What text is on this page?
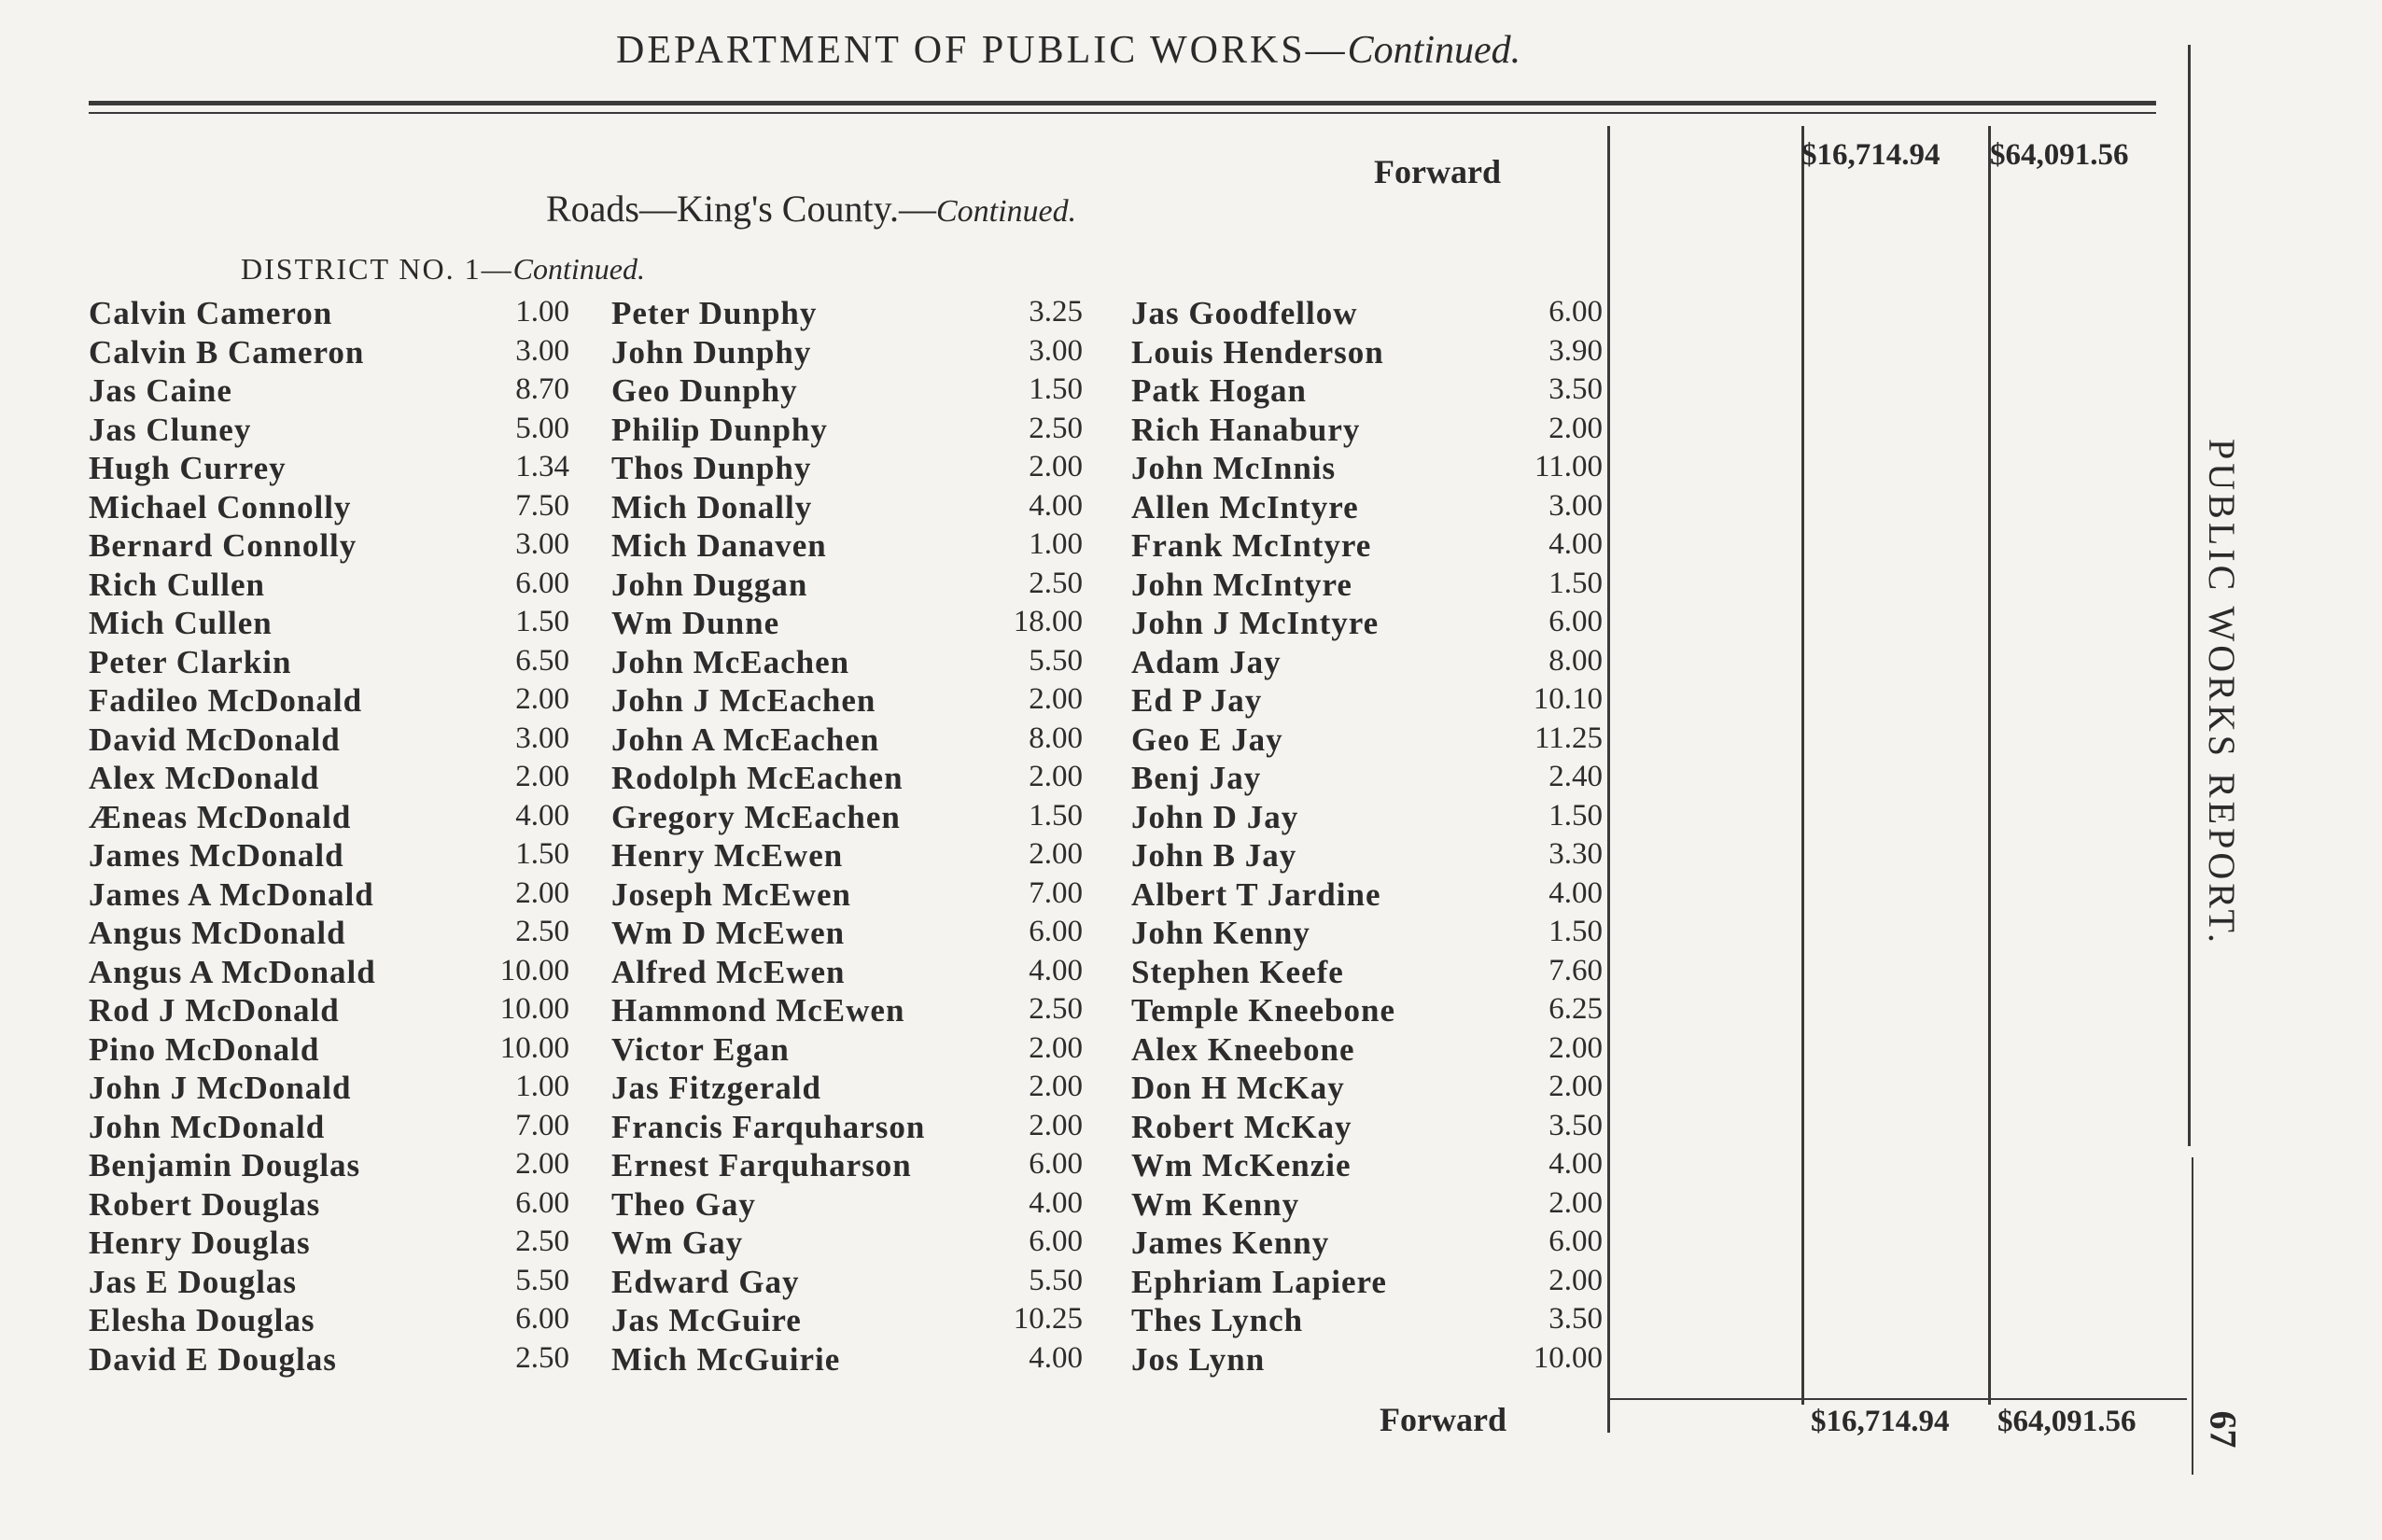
DEPARTMENT OF PUBLIC WORKS—Continued.
Forward	$16,714.94 $64,091.56
Roads—King's County.—Continued.
DISTRICT NO. 1—Continued.
Calvin Cameron	1.00
Calvin B Cameron	3.00
Jas Caine	8.70
Jas Cluney	5.00
Hugh Currey	1.34
Michael Connolly	7.50
Bernard Connolly	3.00
Rich Cullen	6.00
Mich Cullen	1.50
Peter Clarkin	6.50
Fadileo McDonald	2.00
David McDonald	3.00
Alex McDonald	2.00
Æneas McDonald	4.00
James McDonald	1.50
James A McDonald	2.00
Angus McDonald	2.50
Angus A McDonald	10.00
Rod J McDonald	10.00
Pino McDonald	10.00
John J McDonald	1.00
John McDonald	7.00
Benjamin Douglas	2.00
Robert Douglas	6.00
Henry Douglas	2.50
Jas E Douglas	5.50
Elesha Douglas	6.00
David E Douglas	2.50
Peter Dunphy	3.25
John Dunphy	3.00
Geo Dunphy	1.50
Philip Dunphy	2.50
Thos Dunphy	2.00
Mich Donally	4.00
Mich Danaven	1.00
John Duggan	2.50
Wm Dunne	18.00
John McEachen	5.50
John J McEachen	2.00
John A McEachen	8.00
Rodolph McEachen	2.00
Gregory McEachen	1.50
Henry McEwen	2.00
Joseph McEwen	7.00
Wm D McEwen	6.00
Alfred McEwen	4.00
Hammond McEwen	2.50
Victor Egan	2.00
Jas Fitzgerald	2.00
Francis Farquharson	2.00
Ernest Farquharson	6.00
Theo Gay	4.00
Wm Gay	6.00
Edward Gay	5.50
Jas McGuire	10.25
Mich McGuirie	4.00
Jas Goodfellow	6.00
Louis Henderson	3.90
Patk Hogan	3.50
Rich Hanabury	2.00
John McInnis	11.00
Allen McIntyre	3.00
Frank McIntyre	4.00
John McIntyre	1.50
John J McIntyre	6.00
Adam Jay	8.00
Ed P Jay	10.10
Geo E Jay	11.25
Benj Jay	2.40
John D Jay	1.50
John B Jay	3.30
Albert T Jardine	4.00
John Kenny	1.50
Stephen Keefe	7.60
Temple Kneebone	6.25
Alex Kneebone	2.00
Don H McKay	2.00
Robert McKay	3.50
Wm McKenzie	4.00
Wm Kenny	2.00
James Kenny	6.00
Ephriam Lapiere	2.00
Thes Lynch	3.50
Jos Lynn	10.00
Forward	$16,714.94 $64,091.56
PUBLIC WORKS REPORT.
67
